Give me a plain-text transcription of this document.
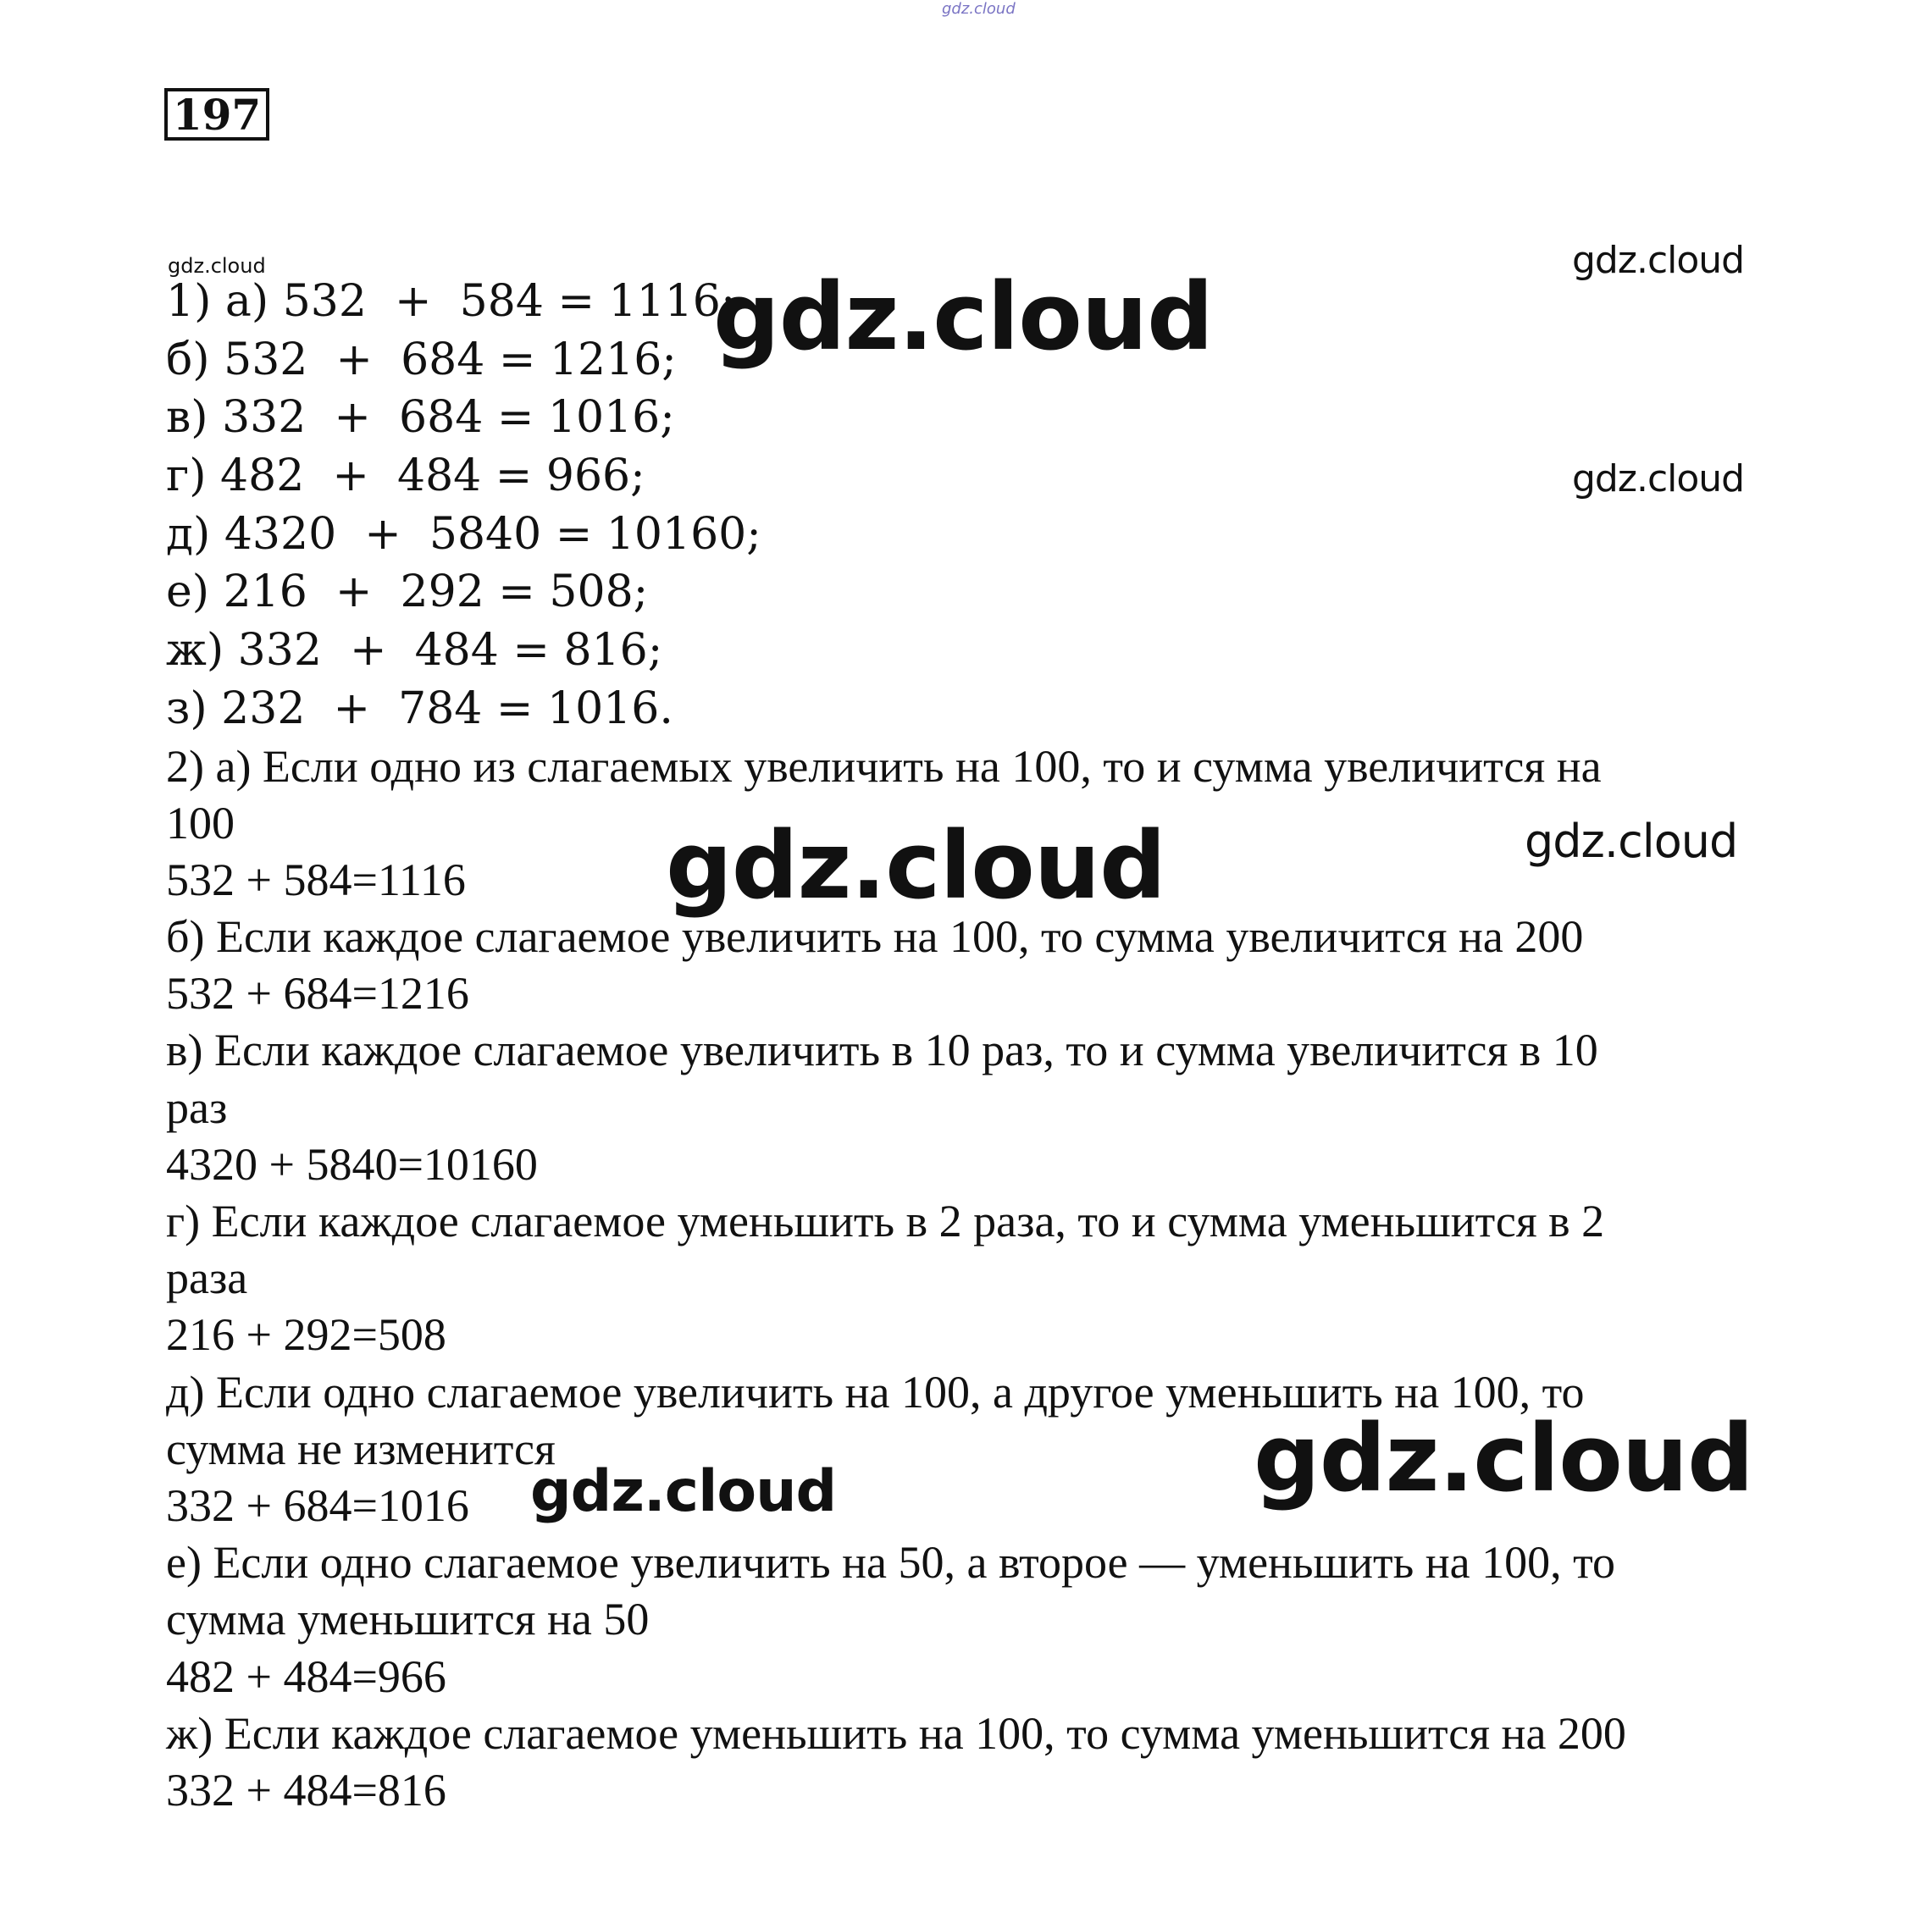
gdz.cloud
197
gdz.cloud

1) а) 532  +  584 = 1116;

б) 532  +  684 = 1216;

в) 332  +  684 = 1016;

г) 482  +  484 = 966;

д) 4320  +  5840 = 10160;

е) 216  +  292 = 508;

ж) 332  +  484 = 816;

з) 232  +  784 = 1016.

2) а) Если одно из слагаемых увеличить на 100, то и сумма увеличится на

100

532 + 584=1116

б) Если каждое слагаемое увеличить на 100, то сумма увеличится на 200

532 + 684=1216

в) Если каждое слагаемое увеличить в 10 раз, то и сумма увеличится в 10

раз

4320 + 5840=10160

г) Если каждое слагаемое уменьшить в 2 раза, то и сумма уменьшится в 2

раза

216 + 292=508

д) Если одно слагаемое увеличить на 100, а другое уменьшить на 100, то

сумма не изменится

332 + 684=1016

е) Если одно слагаемое увеличить на 50, а второе — уменьшить на 100, то

сумма уменьшится на 50

482 + 484=966

ж) Если каждое слагаемое уменьшить на 100, то сумма уменьшится на 200

332 + 484=816

gdz.cloud
gdz.cloud
gdz.cloud
gdz.cloud	gdz.cloud
gdz.cloud
gdz.cloud
